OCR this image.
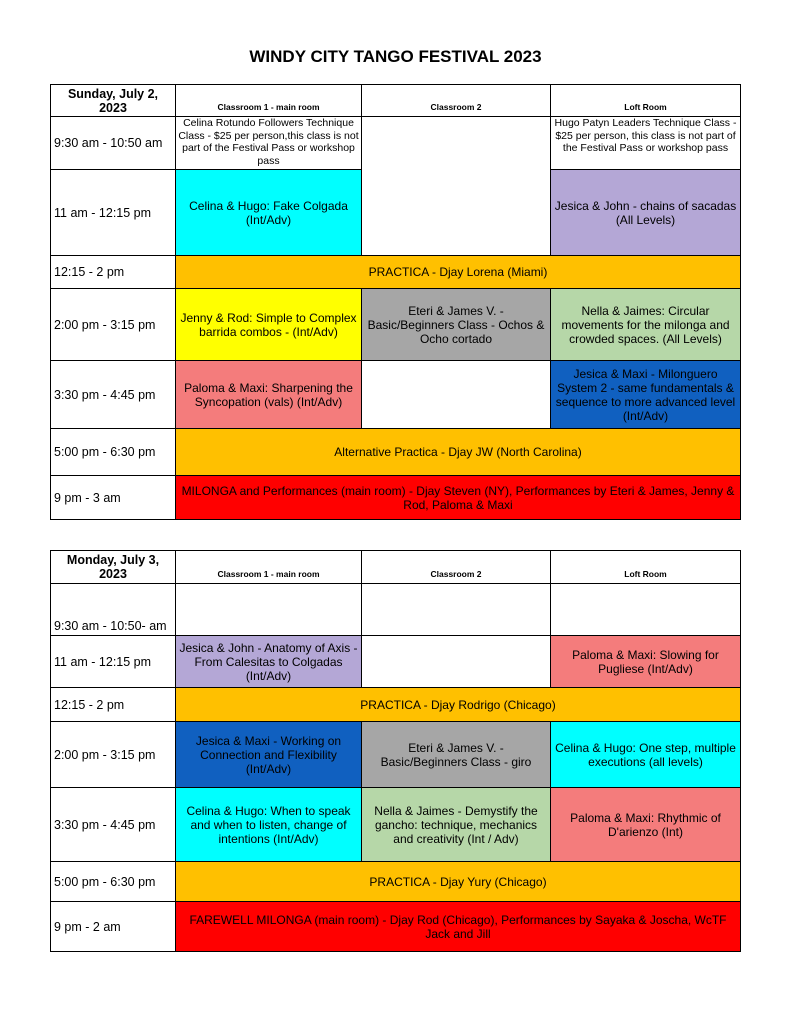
WINDY CITY TANGO FESTIVAL 2023
Sunday, July 2, 2023	Classroom 1 - main room	Classroom 2	Loft Room
9:30 am - 10:50 am	Celina Rotundo Followers Technique Class - $25 per person,this class is not part of the Festival Pass or workshop pass		Hugo Patyn Leaders Technique Class - $25 per person, this class is not part of the Festival Pass or workshop pass
11 am - 12:15 pm	Celina & Hugo: Fake Colgada (Int/Adv)		Jesica & John - chains of sacadas (All Levels)
12:15 - 2 pm	PRACTICA - Djay Lorena (Miami)		
2:00 pm - 3:15 pm	Jenny & Rod: Simple to Complex barrida combos - (Int/Adv)	Eteri & James V. - Basic/Beginners Class - Ochos & Ocho cortado	Nella & Jaimes: Circular movements for the milonga and crowded spaces. (All Levels)
3:30 pm - 4:45 pm	Paloma & Maxi: Sharpening the Syncopation (vals) (Int/Adv)		Jesica & Maxi - Milonguero System 2 - same fundamentals & sequence to more advanced level (Int/Adv)
5:00 pm - 6:30 pm	Alternative Practica - Djay JW (North Carolina)		
9 pm - 3 am	MILONGA and Performances (main room) - Djay Steven (NY), Performances by Eteri & James, Jenny & Rod, Paloma & Maxi		
Monday, July 3, 2023	Classroom 1 - main room	Classroom 2	Loft Room
9:30 am - 10:50- am			
11 am - 12:15 pm	Jesica & John - Anatomy of Axis - From Calesitas to Colgadas (Int/Adv)		Paloma & Maxi: Slowing for Pugliese (Int/Adv)
12:15 - 2 pm	PRACTICA - Djay Rodrigo (Chicago)		
2:00 pm - 3:15 pm	Jesica & Maxi - Working on Connection and Flexibility (Int/Adv)	Eteri & James V. - Basic/Beginners Class - giro	Celina & Hugo: One step, multiple executions (all levels)
3:30 pm - 4:45 pm	Celina & Hugo: When to speak and when to listen, change of intentions (Int/Adv)	Nella & Jaimes - Demystify the gancho: technique, mechanics and creativity (Int / Adv)	Paloma & Maxi: Rhythmic of D'arienzo (Int)
5:00 pm - 6:30 pm	PRACTICA - Djay Yury (Chicago)		
9 pm - 2 am	FAREWELL MILONGA (main room) - Djay Rod (Chicago), Performances by Sayaka & Joscha, WcTF Jack and Jill		
